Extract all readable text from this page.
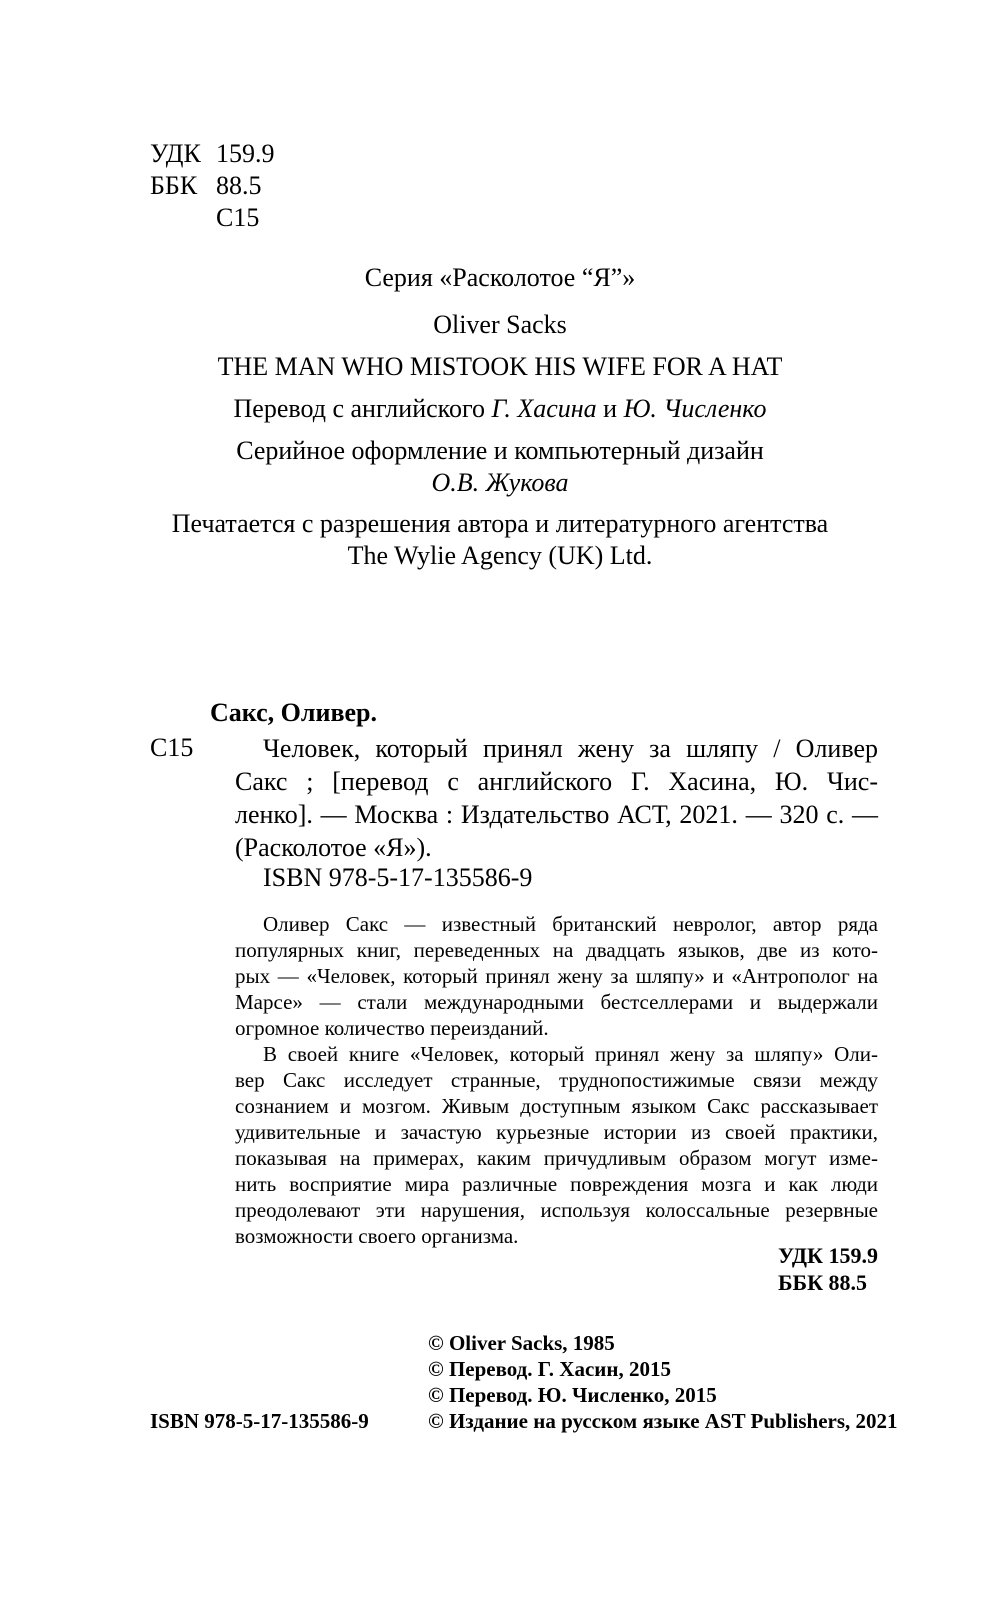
УДК 159.9
ББК 88.5
С15
Серия «Расколотое “Я”»
Oliver Sacks
THE MAN WHO MISTOOK HIS WIFE FOR A HAT
Перевод с английского Г. Хасина и Ю. Численко
Серийное оформление и компьютерный дизайн
О.В. Жукова
Печатается с разрешения автора и литературного агентства
The Wylie Agency (UK) Ltd.
Сакс, Оливер.
С15	Человек, который принял жену за шляпу / Оливер
Сакс ; [перевод с английского Г. Хасина, Ю. Чис-
ленко]. — Москва : Издательство АСТ, 2021. — 320 с. —
(Расколотое «Я»).
ISBN 978-5-17-135586-9
Оливер Сакс — известный британский невролог, автор ряда
популярных книг, переведенных на двадцать языков, две из кото-
рых — «Человек, который принял жену за шляпу» и «Антрополог на
Марсе» — стали международными бестселлерами и выдержали
огромное количество переизданий.
В своей книге «Человек, который принял жену за шляпу» Оли-
вер Сакс исследует странные, труднопостижимые связи между
сознанием и мозгом. Живым доступным языком Сакс рассказывает
удивительные и зачастую курьезные истории из своей практики,
показывая на примерах, каким причудливым образом могут изме-
нить восприятие мира различные повреждения мозга и как люди
преодолевают эти нарушения, используя колоссальные резервные
возможности своего организма.
УДК 159.9
ББК 88.5
© Oliver Sacks, 1985
© Перевод. Г. Хасин, 2015
© Перевод. Ю. Численко, 2015
© Издание на русском языке AST Publishers, 2021
ISBN 978-5-17-135586-9
